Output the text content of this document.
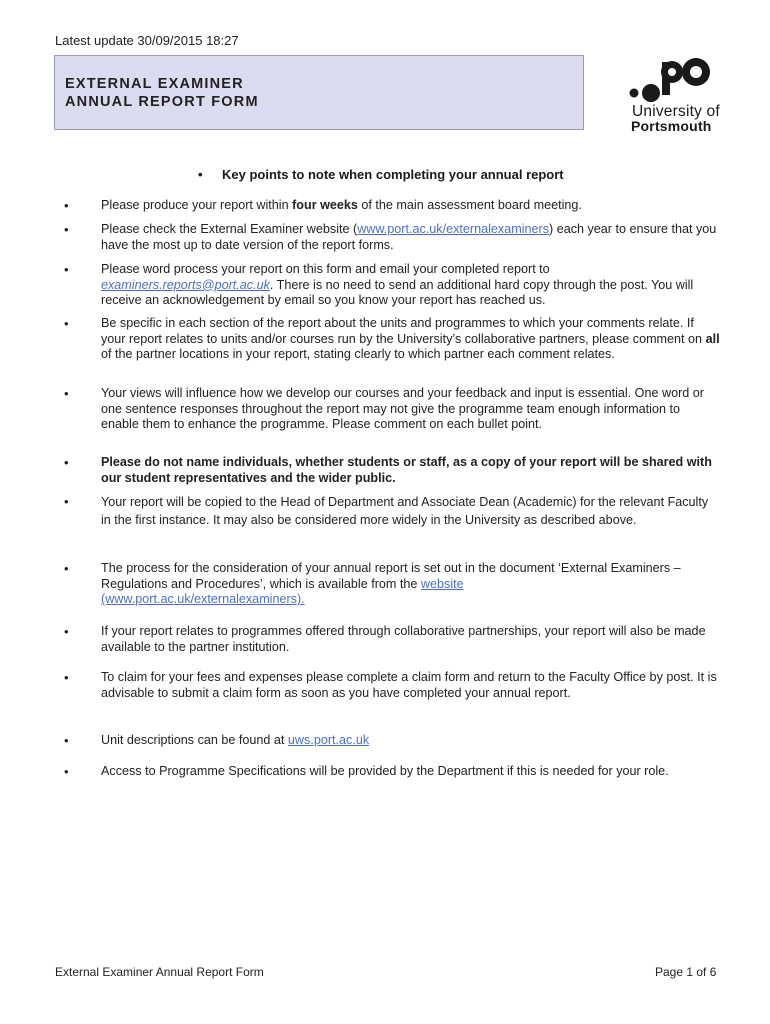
Latest update 30/09/2015 18:27
EXTERNAL EXAMINER
ANNUAL REPORT FORM
University of
Portsmouth
• Key points to note when completing your annual report
•	Please produce your report within four weeks of the main assessment board meeting.
•	Please check the External Examiner website (www.port.ac.uk/externalexaminers) each year to ensure that you have the most up to date version of the report forms.
•	Please word process your report on this form and email your completed report to examiners.reports@port.ac.uk. There is no need to send an additional hard copy through the post. You will receive an acknowledgement by email so you know your report has reached us.
•	Be specific in each section of the report about the units and programmes to which your comments relate. If your report relates to units and/or courses run by the University’s collaborative partners, please comment on all of the partner locations in your report, stating clearly to which partner each comment relates.
•	Your views will influence how we develop our courses and your feedback and input is essential. One word or one sentence responses throughout the report may not give the programme team enough information to enable them to enhance the programme. Please comment on each bullet point.
•	Please do not name individuals, whether students or staff, as a copy of your report will be shared with our student representatives and the wider public.
•	Your report will be copied to the Head of Department and Associate Dean (Academic) for the relevant Faculty in the first instance. It may also be considered more widely in the University as described above.
•	The process for the consideration of your annual report is set out in the document ‘External Examiners – Regulations and Procedures’, which is available from the website
(www.port.ac.uk/externalexaminers).
•	If your report relates to programmes offered through collaborative partnerships, your report will also be made available to the partner institution.
•	To claim for your fees and expenses please complete a claim form and return to the Faculty Office by post. It is advisable to submit a claim form as soon as you have completed your annual report.
•	Unit descriptions can be found at uws.port.ac.uk
•	Access to Programme Specifications will be provided by the Department if this is needed for your role.
External Examiner Annual Report Form	Page 1 of 6
